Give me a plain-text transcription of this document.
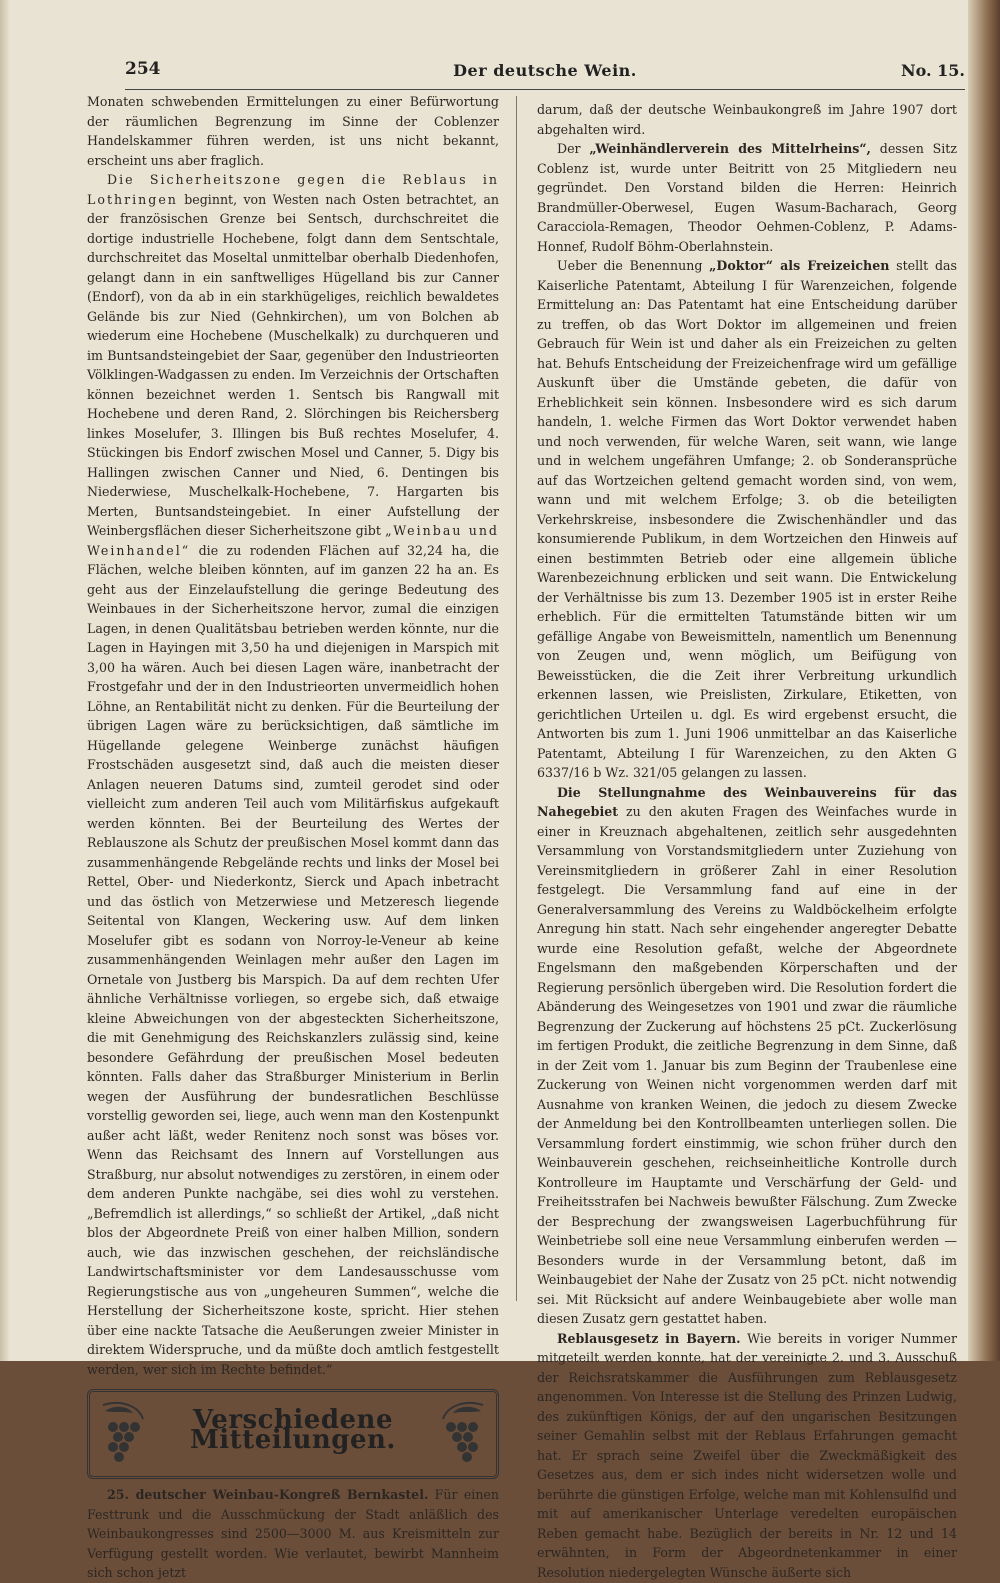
254	Der deutsche Wein.	No. 15.

Monaten schwebenden Ermittelungen zu einer Befürwortung der räumlichen Begrenzung im Sinne der Coblenzer Handelskammer führen werden, ist uns nicht bekannt, erscheint uns aber fraglich.

Die Sicherheitszone gegen die Reblaus in Lothringen beginnt, von Westen nach Osten betrachtet, an der französischen Grenze bei Sentsch, durchschreitet die dortige industrielle Hochebene, folgt dann dem Sentschtale, durchschreitet das Moseltal unmittelbar oberhalb Diedenhofen, gelangt dann in ein sanftwelliges Hügelland bis zur Canner (Endorf), von da ab in ein starkhügeliges, reichlich bewaldetes Gelände bis zur Nied (Gehnkirchen), um von Bolchen ab wiederum eine Hochebene (Muschelkalk) zu durchqueren und im Buntsandsteingebiet der Saar, gegenüber den Industrieorten Völklingen-Wadgassen zu enden. Im Verzeichnis der Ortschaften können bezeichnet werden 1. Sentsch bis Rangwall mit Hochebene und deren Rand, 2. Slörchingen bis Reichersberg linkes Moselufer, 3. Illingen bis Buß rechtes Moselufer, 4. Stückingen bis Endorf zwischen Mosel und Canner, 5. Digy bis Hallingen zwischen Canner und Nied, 6. Dentingen bis Niederwiese, Muschelkalk-Hochebene, 7. Hargarten bis Merten, Buntsandsteingebiet. In einer Aufstellung der Weinbergsflächen dieser Sicherheitszone gibt „Weinbau und Weinhandel“ die zu rodenden Flächen auf 32,24 ha, die Flächen, welche bleiben könnten, auf im ganzen 22 ha an. Es geht aus der Einzelaufstellung die geringe Bedeutung des Weinbaues in der Sicherheitszone hervor, zumal die einzigen Lagen, in denen Qualitätsbau betrieben werden könnte, nur die Lagen in Hayingen mit 3,50 ha und diejenigen in Marspich mit 3,00 ha wären. Auch bei diesen Lagen wäre, inanbetracht der Frostgefahr und der in den Industrieorten unvermeidlich hohen Löhne, an Rentabilität nicht zu denken. Für die Beurteilung der übrigen Lagen wäre zu berücksichtigen, daß sämtliche im Hügellande gelegene Weinberge zunächst häufigen Frostschäden ausgesetzt sind, daß auch die meisten dieser Anlagen neueren Datums sind, zumteil gerodet sind oder vielleicht zum anderen Teil auch vom Militärfiskus aufgekauft werden könnten. Bei der Beurteilung des Wertes der Reblauszone als Schutz der preußischen Mosel kommt dann das zusammenhängende Rebgelände rechts und links der Mosel bei Rettel, Ober- und Niederkontz, Sierck und Apach inbetracht und das östlich von Metzerwiese und Metzeresch liegende Seitental von Klangen, Weckering usw. Auf dem linken Moselufer gibt es sodann von Norroy-le-Veneur ab keine zusammenhängenden Weinlagen mehr außer den Lagen im Ornetale von Justberg bis Marspich. Da auf dem rechten Ufer ähnliche Verhältnisse vorliegen, so ergebe sich, daß etwaige kleine Abweichungen von der abgesteckten Sicherheitszone, die mit Genehmigung des Reichskanzlers zulässig sind, keine besondere Gefährdung der preußischen Mosel bedeuten könnten. Falls daher das Straßburger Ministerium in Berlin wegen der Ausführung der bundesratlichen Beschlüsse vorstellig geworden sei, liege, auch wenn man den Kostenpunkt außer acht läßt, weder Renitenz noch sonst was böses vor. Wenn das Reichsamt des Innern auf Vorstellungen aus Straßburg, nur absolut notwendiges zu zerstören, in einem oder dem anderen Punkte nachgäbe, sei dies wohl zu verstehen. „Befremdlich ist allerdings,“ so schließt der Artikel, „daß nicht blos der Abgeordnete Preiß von einer halben Million, sondern auch, wie das inzwischen geschehen, der reichsländische Landwirtschaftsminister vor dem Landesausschusse vom Regierungstische aus von „ungeheuren Summen“, welche die Herstellung der Sicherheitszone koste, spricht. Hier stehen über eine nackte Tatsache die Aeußerungen zweier Minister in direktem Widerspruche, und da müßte doch amtlich festgestellt werden, wer sich im Rechte befindet.“

Verschiedene Mitteilungen.

25. deutscher Weinbau-Kongreß Bernkastel. Für einen Festtrunk und die Ausschmückung der Stadt anläßlich des Weinbaukongresses sind 2500—3000 M. aus Kreismitteln zur Verfügung gestellt worden. Wie verlautet, bewirbt Mannheim sich schon jetzt

darum, daß der deutsche Weinbaukongreß im Jahre 1907 dort abgehalten wird.

Der „Weinhändlerverein des Mittelrheins“, dessen Sitz Coblenz ist, wurde unter Beitritt von 25 Mitgliedern neu gegründet. Den Vorstand bilden die Herren: Heinrich Brandmüller-Oberwesel, Eugen Wasum-Bacharach, Georg Caracciola-Remagen, Theodor Oehmen-Coblenz, P. Adams-Honnef, Rudolf Böhm-Oberlahnstein.

Ueber die Benennung „Doktor“ als Freizeichen stellt das Kaiserliche Patentamt, Abteilung I für Warenzeichen, folgende Ermittelung an: Das Patentamt hat eine Entscheidung darüber zu treffen, ob das Wort Doktor im allgemeinen und freien Gebrauch für Wein ist und daher als ein Freizeichen zu gelten hat. Behufs Entscheidung der Freizeichenfrage wird um gefällige Auskunft über die Umstände gebeten, die dafür von Erheblichkeit sein können. Insbesondere wird es sich darum handeln, 1. welche Firmen das Wort Doktor verwendet haben und noch verwenden, für welche Waren, seit wann, wie lange und in welchem ungefähren Umfange; 2. ob Sonderansprüche auf das Wortzeichen geltend gemacht worden sind, von wem, wann und mit welchem Erfolge; 3. ob die beteiligten Verkehrskreise, insbesondere die Zwischenhändler und das konsumierende Publikum, in dem Wortzeichen den Hinweis auf einen bestimmten Betrieb oder eine allgemein übliche Warenbezeichnung erblicken und seit wann. Die Entwickelung der Verhältnisse bis zum 13. Dezember 1905 ist in erster Reihe erheblich. Für die ermittelten Tatumstände bitten wir um gefällige Angabe von Beweismitteln, namentlich um Benennung von Zeugen und, wenn möglich, um Beifügung von Beweisstücken, die die Zeit ihrer Verbreitung urkundlich erkennen lassen, wie Preislisten, Zirkulare, Etiketten, von gerichtlichen Urteilen u. dgl. Es wird ergebenst ersucht, die Antworten bis zum 1. Juni 1906 unmittelbar an das Kaiserliche Patentamt, Abteilung I für Warenzeichen, zu den Akten G 6337/16 b Wz. 321/05 gelangen zu lassen.

Die Stellungnahme des Weinbauvereins für das Nahegebiet zu den akuten Fragen des Weinfaches wurde in einer in Kreuznach abgehaltenen, zeitlich sehr ausgedehnten Versammlung von Vorstandsmitgliedern unter Zuziehung von Vereinsmitgliedern in größerer Zahl in einer Resolution festgelegt. Die Versammlung fand auf eine in der Generalversammlung des Vereins zu Waldböckelheim erfolgte Anregung hin statt. Nach sehr eingehender angeregter Debatte wurde eine Resolution gefaßt, welche der Abgeordnete Engelsmann den maßgebenden Körperschaften und der Regierung persönlich übergeben wird. Die Resolution fordert die Abänderung des Weingesetzes von 1901 und zwar die räumliche Begrenzung der Zuckerung auf höchstens 25 pCt. Zuckerlösung im fertigen Produkt, die zeitliche Begrenzung in dem Sinne, daß in der Zeit vom 1. Januar bis zum Beginn der Traubenlese eine Zuckerung von Weinen nicht vorgenommen werden darf mit Ausnahme von kranken Weinen, die jedoch zu diesem Zwecke der Anmeldung bei den Kontrollbeamten unterliegen sollen. Die Versammlung fordert einstimmig, wie schon früher durch den Weinbauverein geschehen, reichseinheitliche Kontrolle durch Kontrolleure im Hauptamte und Verschärfung der Geld- und Freiheitsstrafen bei Nachweis bewußter Fälschung. Zum Zwecke der Besprechung der zwangsweisen Lagerbuchführung für Weinbetriebe soll eine neue Versammlung einberufen werden — Besonders wurde in der Versammlung betont, daß im Weinbaugebiet der Nahe der Zusatz von 25 pCt. nicht notwendig sei. Mit Rücksicht auf andere Weinbaugebiete aber wolle man diesen Zusatz gern gestattet haben.

Reblausgesetz in Bayern. Wie bereits in voriger Nummer mitgeteilt werden konnte, hat der vereinigte 2. und 3. Ausschuß der Reichsratskammer die Ausführungen zum Reblausgesetz angenommen. Von Interesse ist die Stellung des Prinzen Ludwig, des zukünftigen Königs, der auf den ungarischen Besitzungen seiner Gemahlin selbst mit der Reblaus Erfahrungen gemacht hat. Er sprach seine Zweifel über die Zweckmäßigkeit des Gesetzes aus, dem er sich indes nicht widersetzen wolle und berührte die günstigen Erfolge, welche man mit Kohlensulfid und mit auf amerikanischer Unterlage veredelten europäischen Reben gemacht habe. Bezüglich der bereits in Nr. 12 und 14 erwähnten, in Form der Abgeordnetenkammer in einer Resolution niedergelegten Wünsche äußerte sich
